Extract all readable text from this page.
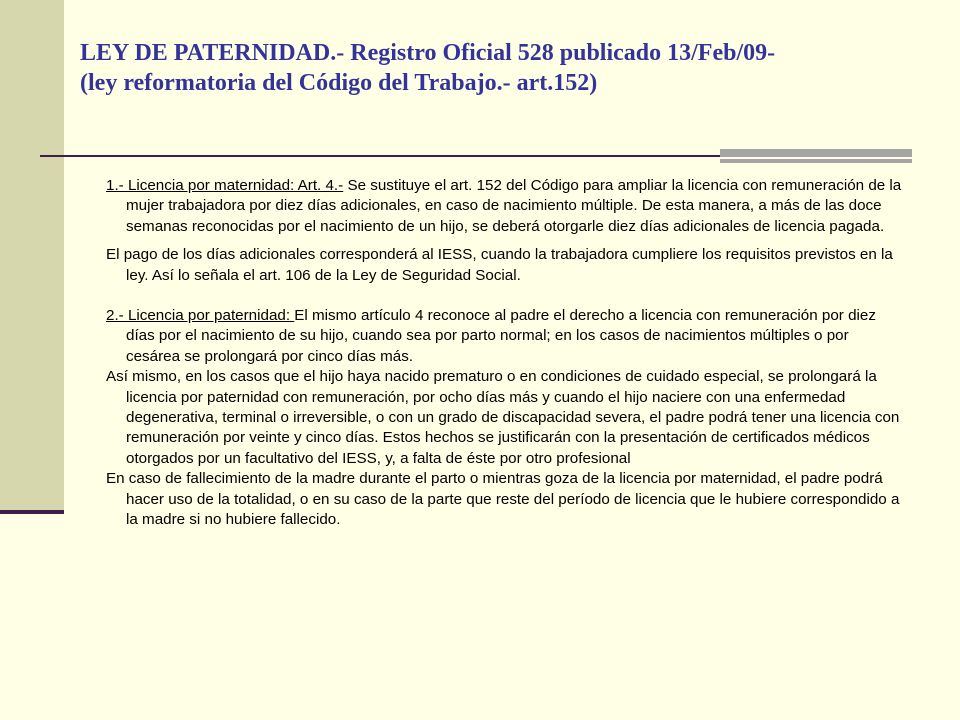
LEY DE PATERNIDAD.- Registro Oficial 528 publicado 13/Feb/09-
(ley reformatoria del Código del Trabajo.- art.152)

1.- Licencia por maternidad: Art. 4.- Se sustituye el art. 152 del Código para ampliar la licencia con remuneración de la mujer trabajadora por diez días adicionales, en caso de nacimiento múltiple. De esta manera, a más de las doce semanas reconocidas por el nacimiento de un hijo, se deberá otorgarle diez días adicionales de licencia pagada.

El pago de los días adicionales corresponderá al IESS, cuando la trabajadora cumpliere los requisitos previstos en la ley. Así lo señala el art. 106 de la Ley de Seguridad Social.

2.- Licencia por paternidad: El mismo artículo 4 reconoce al padre el derecho a licencia con remuneración por diez días por el nacimiento de su hijo, cuando sea por parto normal; en los casos de nacimientos múltiples o por cesárea se prolongará por cinco días más.

Así mismo, en los casos que el hijo haya nacido prematuro o en condiciones de cuidado especial, se prolongará la licencia por paternidad con remuneración, por ocho días más y cuando el hijo naciere con una enfermedad degenerativa, terminal o irreversible, o con un grado de discapacidad severa, el padre podrá tener una licencia con remuneración por veinte y cinco días. Estos hechos se justificarán con la presentación de certificados médicos otorgados por un facultativo del IESS, y, a falta de éste por otro profesional

En caso de fallecimiento de la madre durante el parto o mientras goza de la licencia por maternidad, el padre podrá hacer uso de la totalidad, o en su caso de la parte que reste del período de licencia que le hubiere correspondido a la madre si no hubiere fallecido.
